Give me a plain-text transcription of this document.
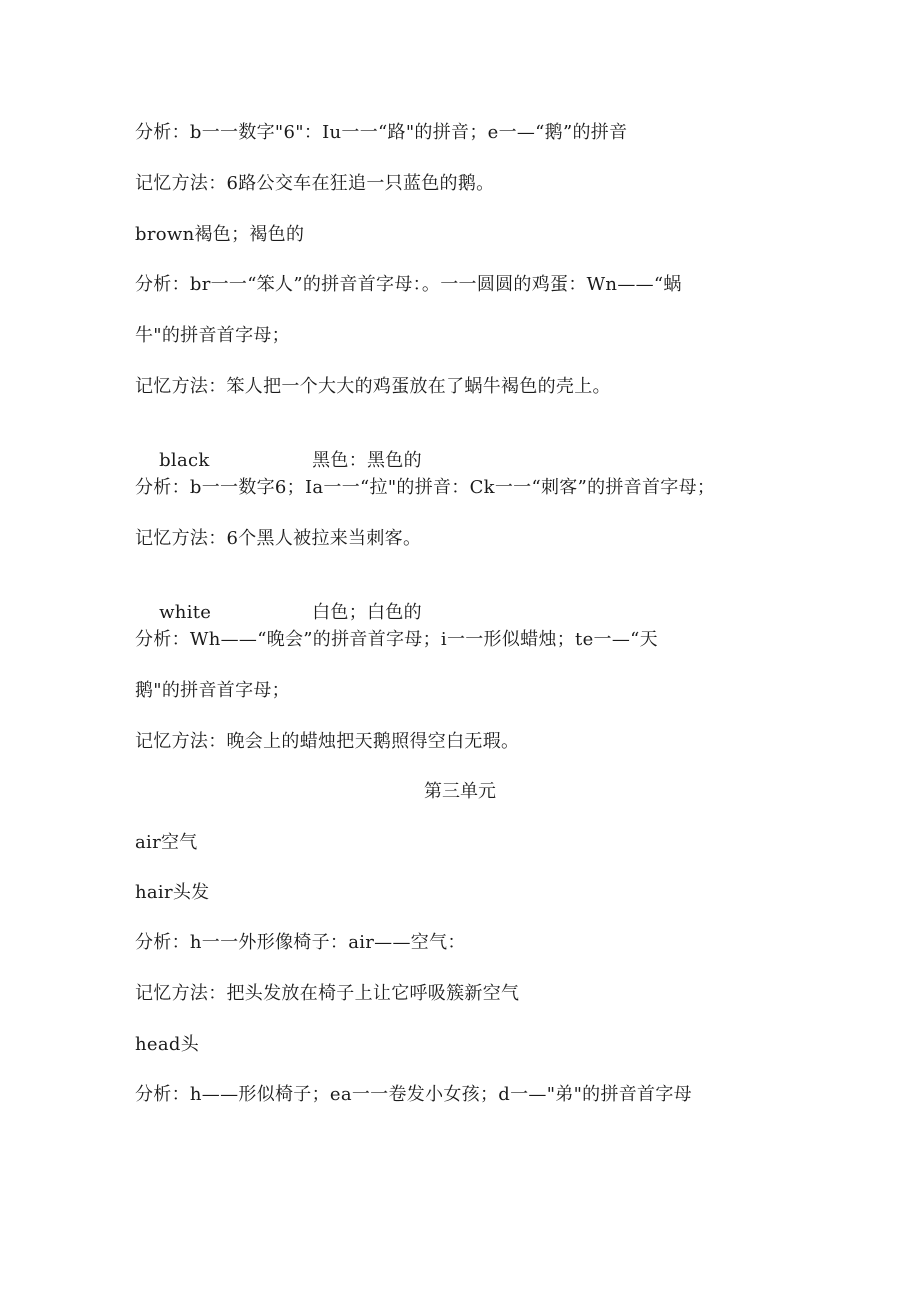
分析：b一一数字"6"：Iu一一“路"的拼音；e一—“鹅”的拼音
记忆方法：6路公交车在狂追一只蓝色的鹅。
brown褐色；褐色的
分析：br一一“笨人”的拼音首字母：。一一圆圆的鸡蛋：Wn——“蜗
牛"的拼音首字母；
记忆方法：笨人把一个大大的鸡蛋放在了蜗牛褐色的壳上。

black	黑色：黑色的

分析：b一一数字6；Ia一一“拉"的拼音：Ck一一“刺客”的拼音首字母；
记忆方法：6个黑人被拉来当刺客。

white	白色；白色的

分析：Wh——“晚会”的拼音首字母；i一一形似蜡烛；te一—“天
鹅"的拼音首字母；
记忆方法：晚会上的蜡烛把天鹅照得空白无瑕。
第三单元
air空气
hair头发
分析：h一一外形像椅子：air——空气：
记忆方法：把头发放在椅子上让它呼吸簇新空气
head头
分析：h——形似椅子；ea一一卷发小女孩；d一—"弟"的拼音首字母
